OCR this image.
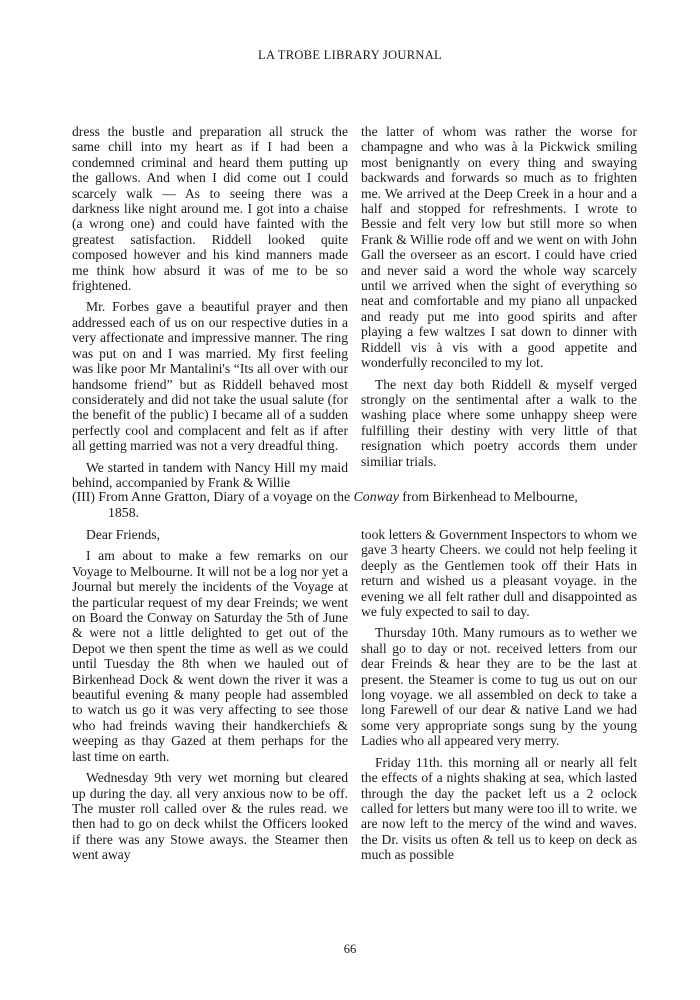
LA TROBE LIBRARY JOURNAL

dress the bustle and preparation all struck the same chill into my heart as if I had been a condemned criminal and heard them putting up the gallows. And when I did come out I could scarcely walk — As to seeing there was a darkness like night around me. I got into a chaise (a wrong one) and could have fainted with the greatest satisfaction. Riddell looked quite composed however and his kind manners made me think how absurd it was of me to be so frightened.

Mr. Forbes gave a beautiful prayer and then addressed each of us on our respective duties in a very affectionate and impressive manner. The ring was put on and I was married. My first feeling was like poor Mr Mantalini's “Its all over with our handsome friend” but as Riddell behaved most considerately and did not take the usual salute (for the benefit of the public) I became all of a sudden perfectly cool and complacent and felt as if after all getting married was not a very dreadful thing.

We started in tandem with Nancy Hill my maid behind, accompanied by Frank & Willie

the latter of whom was rather the worse for champagne and who was à la Pickwick smiling most benignantly on every thing and swaying backwards and forwards so much as to frighten me. We arrived at the Deep Creek in a hour and a half and stopped for refreshments. I wrote to Bessie and felt very low but still more so when Frank & Willie rode off and we went on with John Gall the overseer as an escort. I could have cried and never said a word the whole way scarcely until we arrived when the sight of everything so neat and comfortable and my piano all unpacked and ready put me into good spirits and after playing a few waltzes I sat down to dinner with Riddell vis à vis with a good appetite and wonderfully reconciled to my lot.

The next day both Riddell & myself verged strongly on the sentimental after a walk to the washing place where some unhappy sheep were fulfilling their destiny with very little of that resignation which poetry accords them under similiar trials.

(III) From Anne Gratton, Diary of a voyage on the Conway from Birkenhead to Melbourne,
1858.

Dear Friends,

I am about to make a few remarks on our Voyage to Melbourne. It will not be a log nor yet a Journal but merely the incidents of the Voyage at the particular request of my dear Freinds; we went on Board the Conway on Saturday the 5th of June & were not a little delighted to get out of the Depot we then spent the time as well as we could until Tuesday the 8th when we hauled out of Birkenhead Dock & went down the river it was a beautiful evening & many people had assembled to watch us go it was very affecting to see those who had freinds waving their handkerchiefs & weeping as thay Gazed at them perhaps for the last time on earth.

Wednesday 9th very wet morning but cleared up during the day. all very anxious now to be off. The muster roll called over & the rules read. we then had to go on deck whilst the Officers looked if there was any Stowe aways. the Steamer then went away

took letters & Government Inspectors to whom we gave 3 hearty Cheers. we could not help feeling it deeply as the Gentlemen took off their Hats in return and wished us a pleasant voyage. in the evening we all felt rather dull and disappointed as we fuly expected to sail to day.

Thursday 10th. Many rumours as to wether we shall go to day or not. received letters from our dear Freinds & hear they are to be the last at present. the Steamer is come to tug us out on our long voyage. we all assembled on deck to take a long Farewell of our dear & native Land we had some very appropriate songs sung by the young Ladies who all appeared very merry.

Friday 11th. this morning all or nearly all felt the effects of a nights shaking at sea, which lasted through the day the packet left us a 2 oclock called for letters but many were too ill to write. we are now left to the mercy of the wind and waves. the Dr. visits us often & tell us to keep on deck as much as possible

66
